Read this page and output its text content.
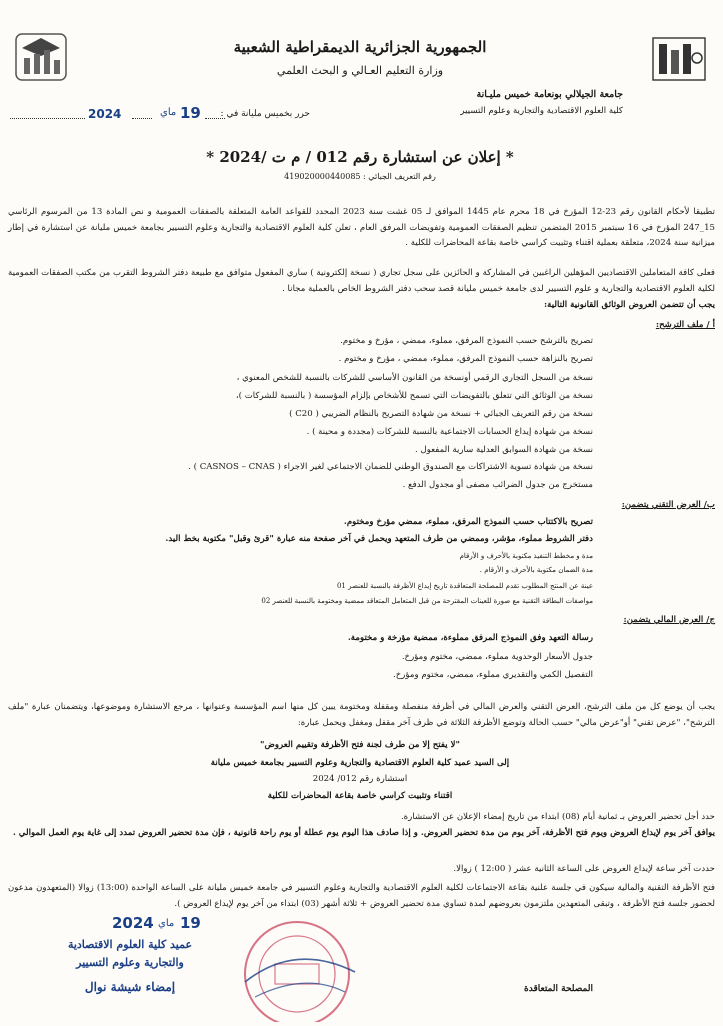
الجمهورية الجزائرية الديمقراطية الشعبية
وزارة التعليم العـالي و البحث العلمي
جامعة الجيلالي بونعامة خميس مليـانة
كلية العلوم الاقتصادية والتجارية وعلوم التسيير
2024	ماي 19 حرر بخميس مليانة في :
* إعلان عن استشارة رقم 012 / م ت /2024 *
رقم التعريف الجبائي : 419020000440085
تطبيقا لأحكام القانون رقم 23-12 المؤرخ في 18 محرم عام 1445 الموافق لـ 05 غشت سنة 2023 المحدد للقواعد العامة المتعلقة بالصفقات العمومية و نص المادة 13 من المرسوم الرئاسي 15_247 المؤرخ في 16 سبتمبر 2015 المتضمن تنظيم الصفقات العمومية وتفويضات المرفق العام ، تعلن كلية العلوم الاقتصادية والتجارية وعلوم التسيير بجامعة خميس مليانة عن استشارة في إطار ميزانية سنة 2024، متعلقة بعملية اقتناء وتثبيت كراسي خاصة بقاعة المحاضرات للكلية .
فعلى كافة المتعاملين الاقتصاديين المؤهلين الراغبين في المشاركة و الحائزين على سجل تجاري ( نسخة إلكترونية ) ساري المفعول متوافق مع طبيعة دفتر الشروط التقرب من مكتب الصفقات العمومية لكلية العلوم الاقتصادية والتجارية و علوم التسيير لدى جامعة خميس مليانة قصد سحب دفتر الشروط الخاص بالعملية مجانا .
يجب أن تتضمن العروض الوثائق القانونية التالية:
أ / ملف الترشح:
تصريح بالترشح حسب النموذج المرفق، مملوء، ممضي ، مؤرخ و مختوم.
تصريح بالنزاهة حسب النموذج المرفق، مملوء، ممضي ، مؤرخ و مختوم .
نسخة من السجل التجاري الرقمي أونسخة من القانون الأساسي للشركات بالنسبة للشخص المعنوي ،
نسخة من الوثائق التي تتعلق بالتفويضات التي تسمح للأشخاص بإلزام المؤسسة ( بالنسبة للشركات )،
نسخة من رقم التعريف الجبائي + نسخة من شهادة التصريح بالنظام الضريبي ( C20 )
نسخة من شهادة إيداع الحسابات الاجتماعية بالنسبة للشركات (مجددة و محينة ) .
نسخة من شهادة السوابق العدلية سارية المفعول .
نسخة من شهادة تسوية الاشتراكات مع الصندوق الوطني للضمان الاجتماعي لغير الاجراء ( CASNOS – CNAS ) .
مستخرج من جدول الضرائب مصفى أو مجدول الدفع .
ب/ العرض التقني يتضمن:
تصريح بالاكتتاب حسب النموذج المرفق، مملوء، ممضي مؤرخ ومختوم.
دفتر الشروط مملوء، مؤشر، وممضي من طرف المتعهد ويحمل في آخر صفحة منه عبارة "قرئ وقبل" مكتوبة بخط اليد.
مدة و مخطط التنفيذ مكتوبة بالأحرف و الأرقام
مدة الضمان مكتوبة بالأحرف و الأرقام .
عينة عن المنتج المطلوب تقدم للمصلحة المتعاقدة تاريخ إيداع الأظرفة بالنسبة للعنصر 01
مواصفات البطاقة التقنية مع صورة للعينات المقترحة من قبل المتعامل المتعاقد ممضية ومختومة بالنسبة للعنصر 02
ج/ العرض المالي يتضمن:
رسالة التعهد وفق النموذج المرفق مملوءة، ممضية مؤرخة و مختومة.
جدول الأسعار الوحدوية مملوء، ممضي، مختوم ومؤرخ.
التفصيل الكمي والتقديري مملوء، ممضي، مختوم ومؤرخ.
يجب أن يوضع كل من ملف الترشح، العرض التقني والعرض المالي في أظرفة منفصلة ومقفلة ومختومة يبين كل منها اسم المؤسسة وعنوانها ، مرجع الاستشارة وموضوعها، ويتضمنان عبارة "ملف الترشح"، "عرض تقني" أو"عرض مالي" حسب الحالة وتوضع الأظرفة الثلاثة في ظرف آخر مقفل ومغفل ويحمل عبارة:
"لا يفتح إلا من طرف لجنة فتح الأظرفة وتقييم العروض"
إلى السيد عميد كلية العلوم الاقتصادية والتجارية وعلوم التسيير بجامعة خميس مليانة
استشارة رقم 012/ 2024
اقتناء وتثبيت كراسي خاصة بقاعة المحاضرات للكلية
حدد أجل تحضير العروض بـ ثمانية أيام (08) ابتداء من تاريخ إمضاء الإعلان عن الاستشارة.
يوافق آخر يوم لإيداع العروض ويوم فتح الأظرفة، آخر يوم من مدة تحضير العروض. و إذا صادف هذا اليوم يوم عطلة أو يوم راحة قانونية ، فإن مدة تحضير العروض تمدد إلى غاية يوم العمل الموالي .
حددت آخر ساعة لإيداع العروض على الساعة الثانية عشر ( 12:00 ) زوالا.
فتح الأظرفة التقنية والمالية سيكون في جلسة علنية بقاعة الاجتماعات لكلية العلوم الاقتصادية والتجارية وعلوم التسيير في جامعة خميس مليانة على الساعة الواحدة (13:00) زوالا (المتعهدون مدعون لحضور جلسة فتح الأظرفة ، وتبقى المتعهدين ملتزمون بعروضهم لمدة تساوي مدة تحضير العروض + ثلاثة أشهر (03) ابتداء من آخر يوم لإيداع العروض ).
2024 ماي 19
عميد كلية العلوم الاقتصادية
والتجارية وعلوم التسيير
إمضاء شيشة نوال	المصلحة المتعاقدة
